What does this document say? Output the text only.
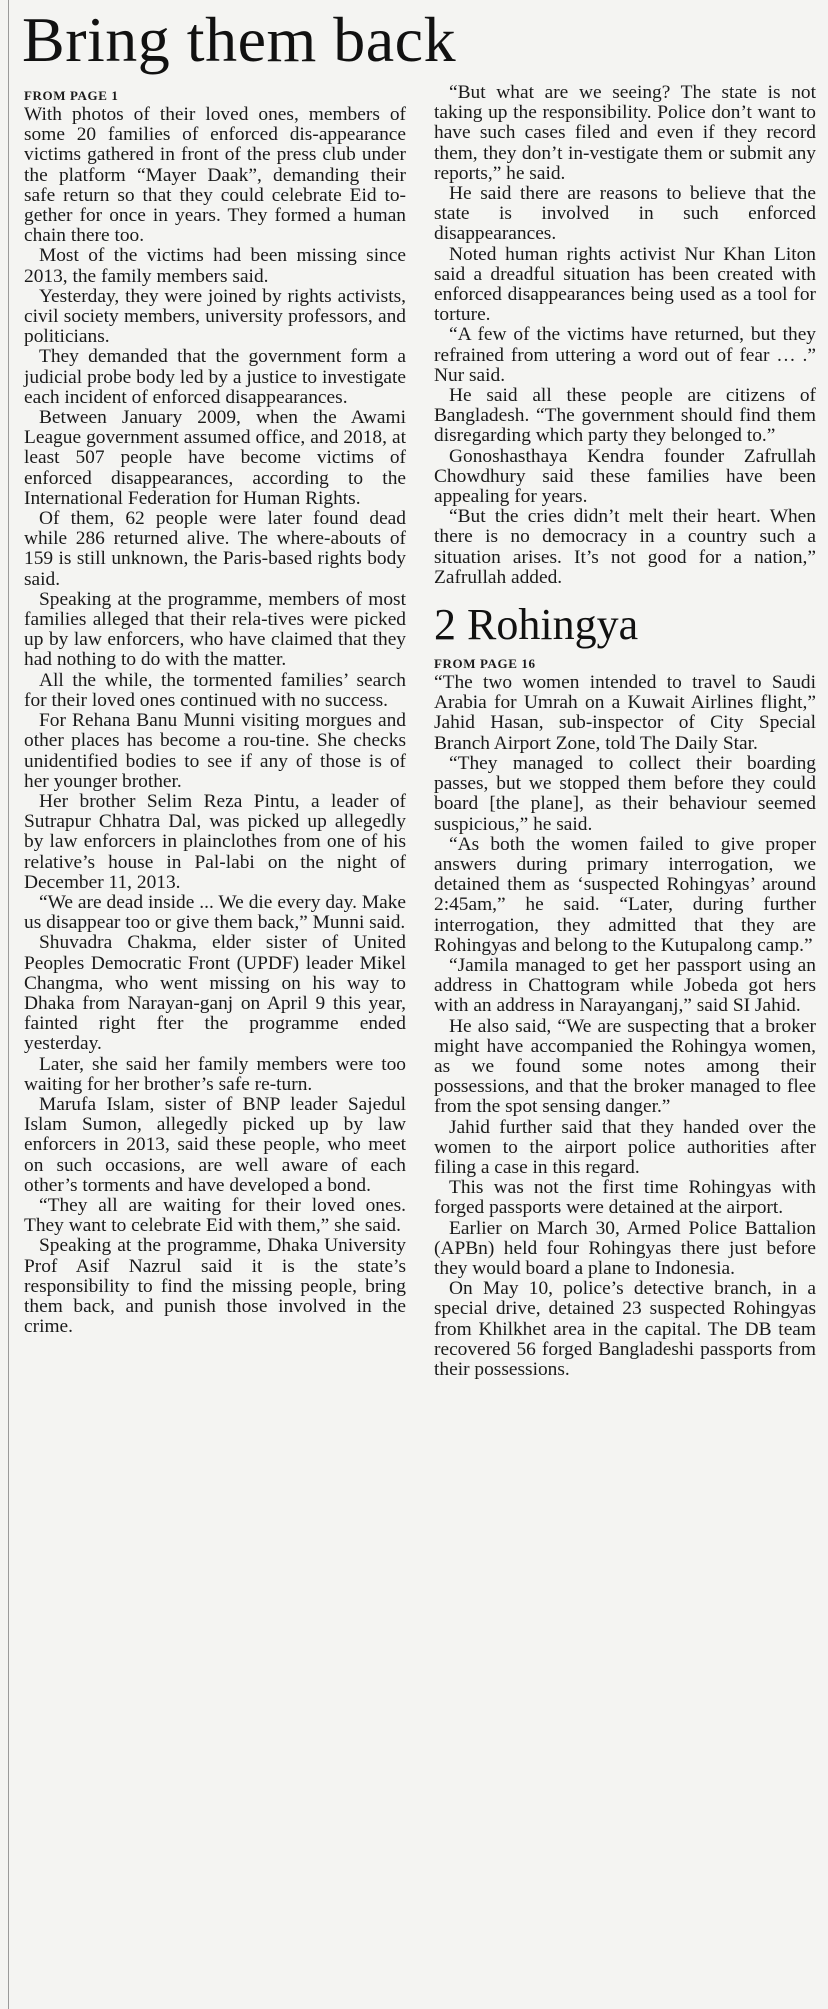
Bring them back
FROM PAGE 1

With photos of their loved ones, members of some 20 families of enforced dis-appearance victims gathered in front of the press club under the platform “Mayer Daak”, demanding their safe return so that they could celebrate Eid to-gether for once in years. They formed a human chain there too.

Most of the victims had been missing since 2013, the family members said.

Yesterday, they were joined by rights activists, civil society members, university professors, and politicians.

They demanded that the government form a judicial probe body led by a justice to investigate each incident of enforced disappearances.

Between January 2009, when the Awami League government assumed office, and 2018, at least 507 people have become victims of enforced disappearances, according to the International Federation for Human Rights.

Of them, 62 people were later found dead while 286 returned alive. The where-abouts of 159 is still unknown, the Paris-based rights body said.

Speaking at the programme, members of most families alleged that their rela-tives were picked up by law enforcers, who have claimed that they had nothing to do with the matter.

All the while, the tormented families’ search for their loved ones continued with no success.

For Rehana Banu Munni visiting morgues and other places has become a rou-tine. She checks unidentified bodies to see if any of those is of her younger brother.

Her brother Selim Reza Pintu, a leader of Sutrapur Chhatra Dal, was picked up allegedly by law enforcers in plainclothes from one of his relative’s house in Pal-labi on the night of December 11, 2013.

“We are dead inside ... We die every day. Make us disappear too or give them back,” Munni said.

Shuvadra Chakma, elder sister of United Peoples Democratic Front (UPDF) leader Mikel Changma, who went missing on his way to Dhaka from Narayan-ganj on April 9 this year, fainted right fter the programme ended yesterday.

Later, she said her family members were too waiting for her brother’s safe re-turn.

Marufa Islam, sister of BNP leader Sajedul Islam Sumon, allegedly picked up by law enforcers in 2013, said these people, who meet on such occasions, are well aware of each other’s torments and have developed a bond.

“They all are waiting for their loved ones. They want to celebrate Eid with them,” she said.

Speaking at the programme, Dhaka University Prof Asif Nazrul said it is the state’s responsibility to find the missing people, bring them back, and punish those involved in the crime.

“But what are we seeing? The state is not taking up the responsibility. Police don’t want to have such cases filed and even if they record them, they don’t in-vestigate them or submit any reports,” he said.

He said there are reasons to believe that the state is involved in such enforced disappearances.

Noted human rights activist Nur Khan Liton said a dreadful situation has been created with enforced disappearances being used as a tool for torture.

“A few of the victims have returned, but they refrained from uttering a word out of fear … .” Nur said.

He said all these people are citizens of Bangladesh. “The government should find them disregarding which party they belonged to.”

Gonoshasthaya Kendra founder Zafrullah Chowdhury said these families have been appealing for years.

“But the cries didn’t melt their heart. When there is no democracy in a country such a situation arises. It’s not good for a nation,” Zafrullah added.

2 Rohingya
FROM PAGE 16

“The two women intended to travel to Saudi Arabia for Umrah on a Kuwait Airlines flight,” Jahid Hasan, sub-inspector of City Special Branch Airport Zone, told The Daily Star.

“They managed to collect their boarding passes, but we stopped them before they could board [the plane], as their behaviour seemed suspicious,” he said.

“As both the women failed to give proper answers during primary interrogation, we detained them as ‘suspected Rohingyas’ around 2:45am,” he said. “Later, during further interrogation, they admitted that they are Rohingyas and belong to the Kutupalong camp.”

“Jamila managed to get her passport using an address in Chattogram while Jobeda got hers with an address in Narayanganj,” said SI Jahid.

He also said, “We are suspecting that a broker might have accompanied the Rohingya women, as we found some notes among their possessions, and that the broker managed to flee from the spot sensing danger.”

Jahid further said that they handed over the women to the airport police authorities after filing a case in this regard.

This was not the first time Rohingyas with forged passports were detained at the airport.

Earlier on March 30, Armed Police Battalion (APBn) held four Rohingyas there just before they would board a plane to Indonesia.

On May 10, police’s detective branch, in a special drive, detained 23 suspected Rohingyas from Khilkhet area in the capital. The DB team recovered 56 forged Bangladeshi passports from their possessions.
